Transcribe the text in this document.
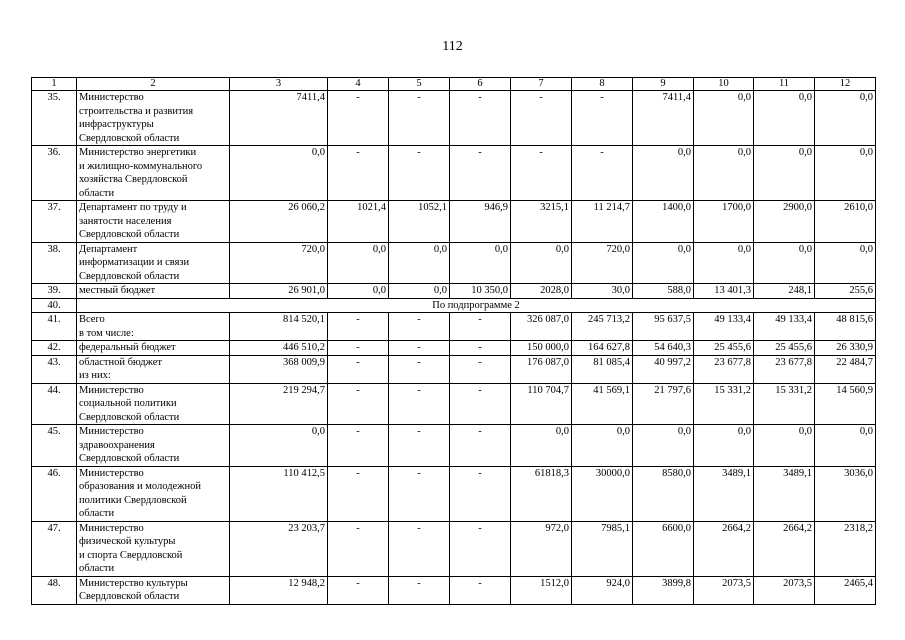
112
1	2	3	4	5	6	7	8	9	10	11	12
35.	Министерство
строительства и развития
инфраструктуры
Свердловской области	7411,4	-	-	-	-	-	7411,4	0,0	0,0	0,0
36.	Министерство энергетики
и жилищно-коммунального
хозяйства Свердловской
области	0,0	-	-	-	-	-	0,0	0,0	0,0	0,0
37.	Департамент по труду и
занятости населения
Свердловской области	26 060,2	1021,4	1052,1	946,9	3215,1	11 214,7	1400,0	1700,0	2900,0	2610,0
38.	Департамент
информатизации и связи
Свердловской области	720,0	0,0	0,0	0,0	0,0	720,0	0,0	0,0	0,0	0,0
39.	местный бюджет	26 901,0	0,0	0,0	10 350,0	2028,0	30,0	588,0	13 401,3	248,1	255,6
40.	По подпрограмме 2										
41.	Всего
в том числе:	814 520,1	-	-	-	326 087,0	245 713,2	95 637,5	49 133,4	49 133,4	48 815,6
42.	федеральный бюджет	446 510,2	-	-	-	150 000,0	164 627,8	54 640,3	25 455,6	25 455,6	26 330,9
43.	областной бюджет
из них:	368 009,9	-	-	-	176 087,0	81 085,4	40 997,2	23 677,8	23 677,8	22 484,7
44.	Министерство
социальной политики
Свердловской области	219 294,7	-	-	-	110 704,7	41 569,1	21 797,6	15 331,2	15 331,2	14 560,9
45.	Министерство
здравоохранения
Свердловской области	0,0	-	-	-	0,0	0,0	0,0	0,0	0,0	0,0
46.	Министерство
образования и молодежной
политики Свердловской
области	110 412,5	-	-	-	61818,3	30000,0	8580,0	3489,1	3489,1	3036,0
47.	Министерство
физической культуры
и спорта Свердловской
области	23 203,7	-	-	-	972,0	7985,1	6600,0	2664,2	2664,2	2318,2
48.	Министерство культуры
Свердловской области	12 948,2	-	-	-	1512,0	924,0	3899,8	2073,5	2073,5	2465,4
